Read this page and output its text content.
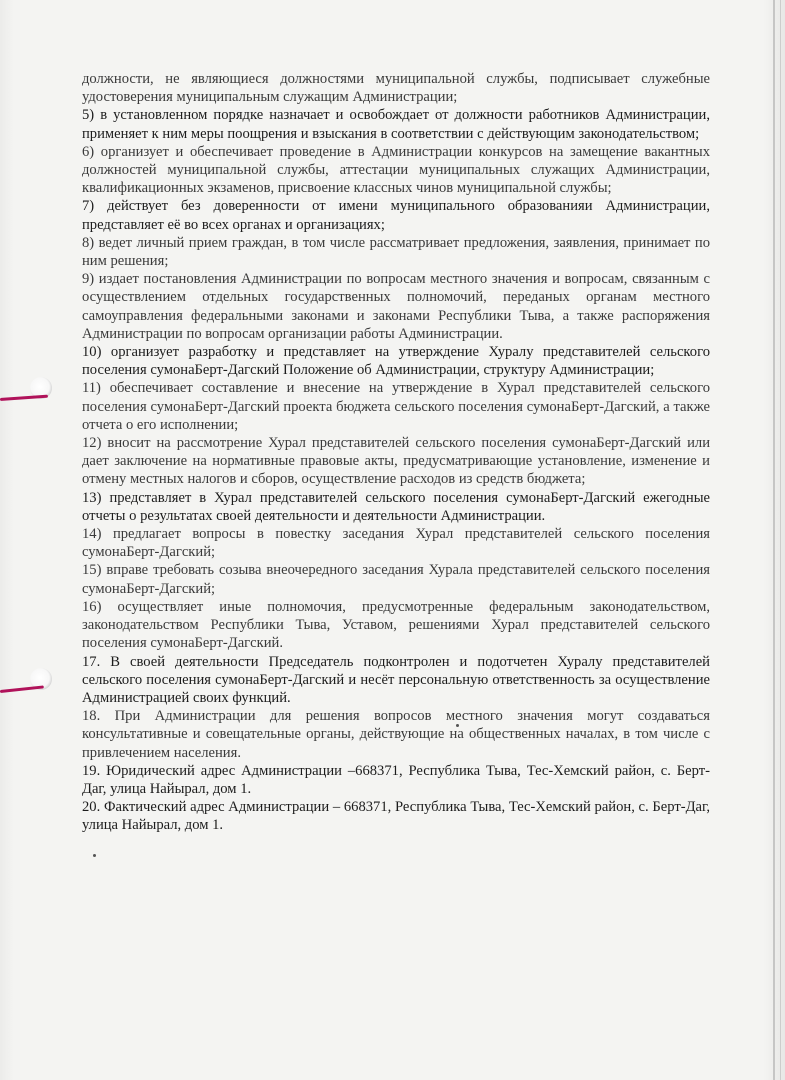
должности, не являющиеся должностями муниципальной службы, подписывает служебные удостоверения муниципальным служащим Администрации;

5) в установленном порядке назначает и освобождает от должности работников Администрации, применяет к ним меры поощрения и взыскания в соответствии с действующим законодательством;

6) организует и обеспечивает проведение в Администрации конкурсов на замещение вакантных должностей муниципальной службы, аттестации муниципальных служащих Администрации, квалификационных экзаменов, присвоение классных чинов муниципальной службы;

7) действует без доверенности от имени муниципального образованияи Администрации, представляет её во всех органах и организациях;

8) ведет личный прием граждан, в том числе рассматривает предложения, заявления, принимает по ним решения;

9) издает постановления Администрации по вопросам местного значения и вопросам, связанным с осуществлением отдельных государственных полномочий, переданых органам местного самоуправления федеральными законами и законами Республики Тыва, а также распоряжения Администрации по вопросам организации работы Администрации.

10) организует разработку и представляет на утверждение Хуралу представителей сельского поселения сумонаБерт-Дагский Положение об Администрации, структуру Администрации;

11) обеспечивает составление и внесение на утверждение в Хурал представителей сельского поселения сумонаБерт-Дагский проекта бюджета сельского поселения сумонаБерт-Дагский, а также отчета о его исполнении;

12) вносит на рассмотрение Хурал представителей сельского поселения сумонаБерт-Дагский или дает заключение на нормативные правовые акты, предусматривающие установление, изменение и отмену местных налогов и сборов, осуществление расходов из средств бюджета;

13) представляет в Хурал представителей сельского поселения сумонаБерт-Дагский ежегодные отчеты о результатах своей деятельности и деятельности Администрации.

14) предлагает вопросы в повестку заседания Хурал представителей сельского поселения сумонаБерт-Дагский;

15) вправе требовать созыва внеочередного заседания Хурала представителей сельского поселения сумонаБерт-Дагский;

16) осуществляет иные полномочия, предусмотренные федеральным законодательством, законодательством Республики Тыва, Уставом, решениями Хурал представителей сельского поселения сумонаБерт-Дагский.

17. В своей деятельности Председатель подконтролен и подотчетен Хуралу представителей сельского поселения сумонаБерт-Дагский и несёт персональную ответственность за осуществление Администрацией своих функций.

18. При Администрации для решения вопросов местного значения могут создаваться консультативные и совещательные органы, действующие на общественных началах, в том числе с привлечением населения.

19. Юридический адрес Администрации –668371, Республика Тыва, Тес-Хемский район, с. Берт-Даг, улица Найырал, дом 1.

20. Фактический адрес Администрации – 668371, Республика Тыва, Тес-Хемский район, с. Берт-Даг, улица Найырал, дом 1.
